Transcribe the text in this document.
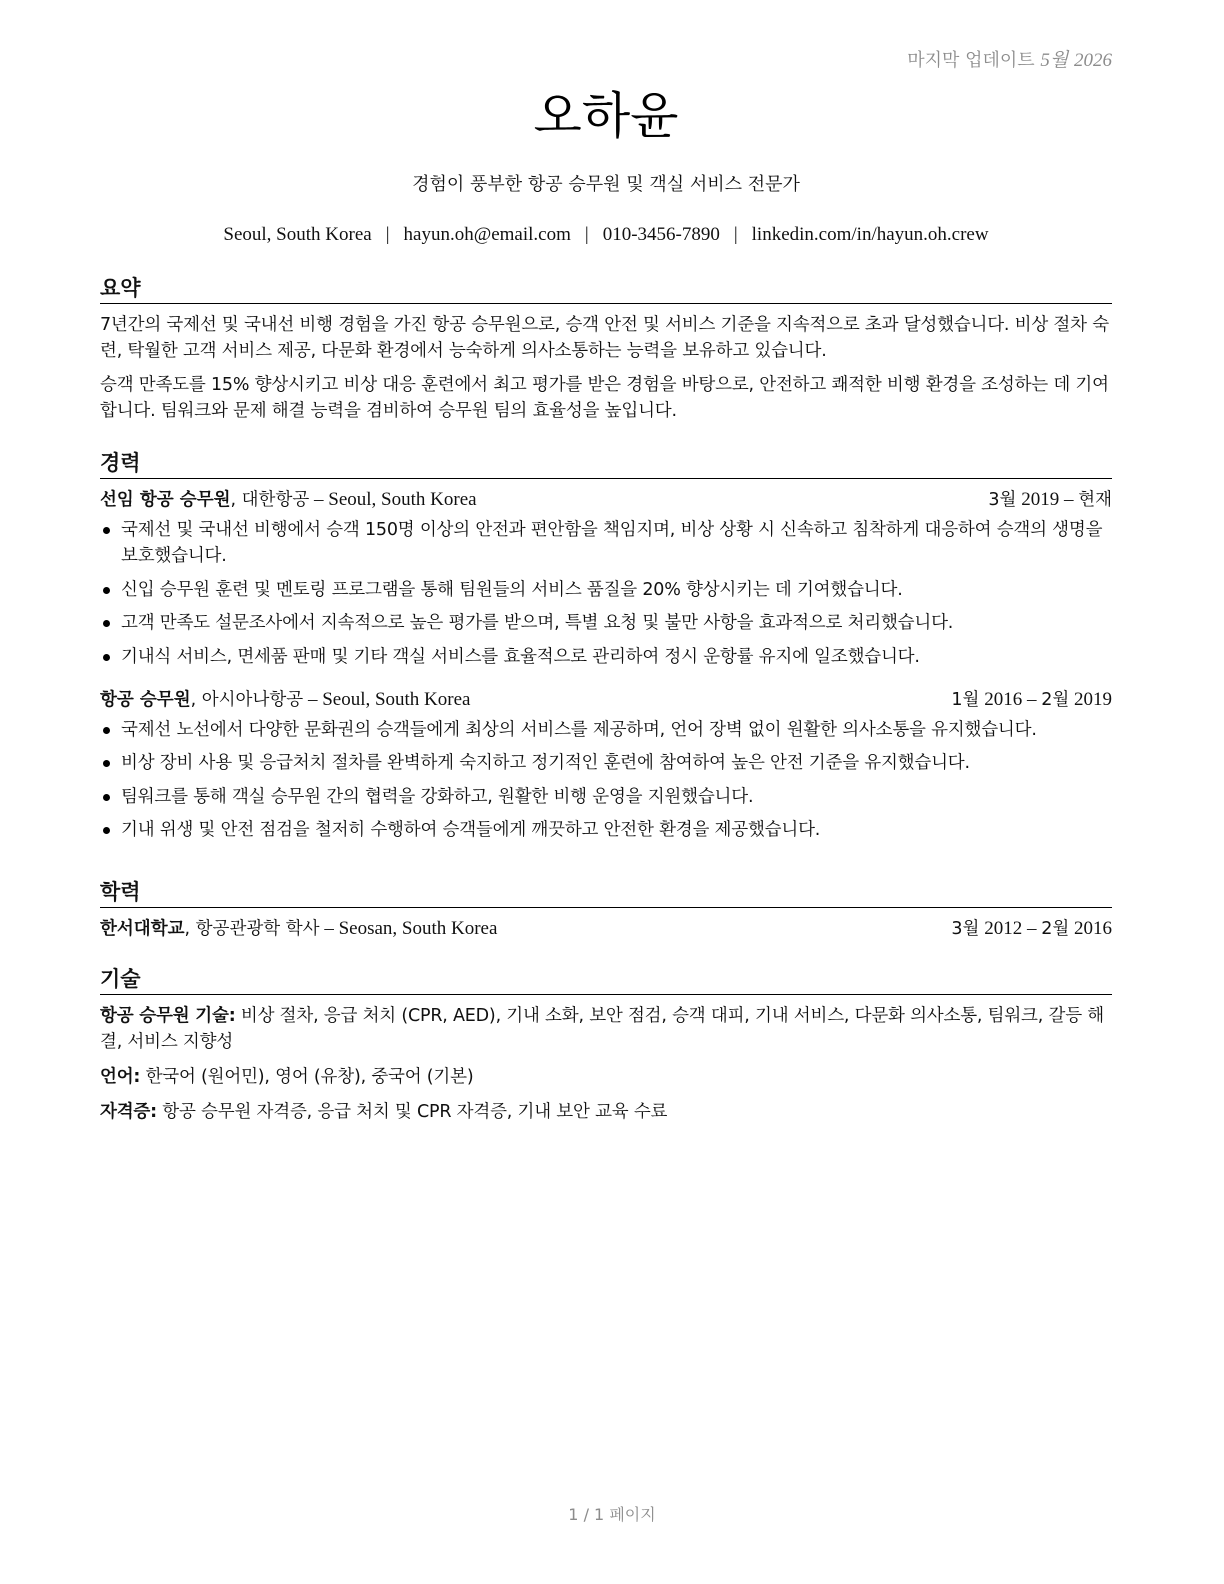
마지막 업데이트 5월 2026
오하윤
경험이 풍부한 항공 승무원 및 객실 서비스 전문가
Seoul, South Korea | hayun.oh@email.com | 010-3456-7890 | linkedin.com/in/hayun.oh.crew
요약

7년간의 국제선 및 국내선 비행 경험을 가진 항공 승무원으로, 승객 안전 및 서비스 기준을 지속적으로 초과 달성했습니다. 비상 절차 숙련, 탁월한 고객 서비스 제공, 다문화 환경에서 능숙하게 의사소통하는 능력을 보유하고 있습니다.

승객 만족도를 15% 향상시키고 비상 대응 훈련에서 최고 평가를 받은 경험을 바탕으로, 안전하고 쾌적한 비행 환경을 조성하는 데 기여합니다. 팀워크와 문제 해결 능력을 겸비하여 승무원 팀의 효율성을 높입니다.

경력
선임 항공 승무원, 대한항공 – Seoul, South Korea	3월 2019 – 현재
국제선 및 국내선 비행에서 승객 150명 이상의 안전과 편안함을 책임지며, 비상 상황 시 신속하고 침착하게 대응하여 승객의 생명을 보호했습니다.
신입 승무원 훈련 및 멘토링 프로그램을 통해 팀원들의 서비스 품질을 20% 향상시키는 데 기여했습니다.
고객 만족도 설문조사에서 지속적으로 높은 평가를 받으며, 특별 요청 및 불만 사항을 효과적으로 처리했습니다.
기내식 서비스, 면세품 판매 및 기타 객실 서비스를 효율적으로 관리하여 정시 운항률 유지에 일조했습니다.
항공 승무원, 아시아나항공 – Seoul, South Korea	1월 2016 – 2월 2019
국제선 노선에서 다양한 문화권의 승객들에게 최상의 서비스를 제공하며, 언어 장벽 없이 원활한 의사소통을 유지했습니다.
비상 장비 사용 및 응급처치 절차를 완벽하게 숙지하고 정기적인 훈련에 참여하여 높은 안전 기준을 유지했습니다.
팀워크를 통해 객실 승무원 간의 협력을 강화하고, 원활한 비행 운영을 지원했습니다.
기내 위생 및 안전 점검을 철저히 수행하여 승객들에게 깨끗하고 안전한 환경을 제공했습니다.
학력
한서대학교, 항공관광학 학사 – Seosan, South Korea	3월 2012 – 2월 2016
기술

항공 승무원 기술: 비상 절차, 응급 처치 (CPR, AED), 기내 소화, 보안 점검, 승객 대피, 기내 서비스, 다문화 의사소통, 팀워크, 갈등 해결, 서비스 지향성

언어: 한국어 (원어민), 영어 (유창), 중국어 (기본)

자격증: 항공 승무원 자격증, 응급 처치 및 CPR 자격증, 기내 보안 교육 수료

1 / 1 페이지
